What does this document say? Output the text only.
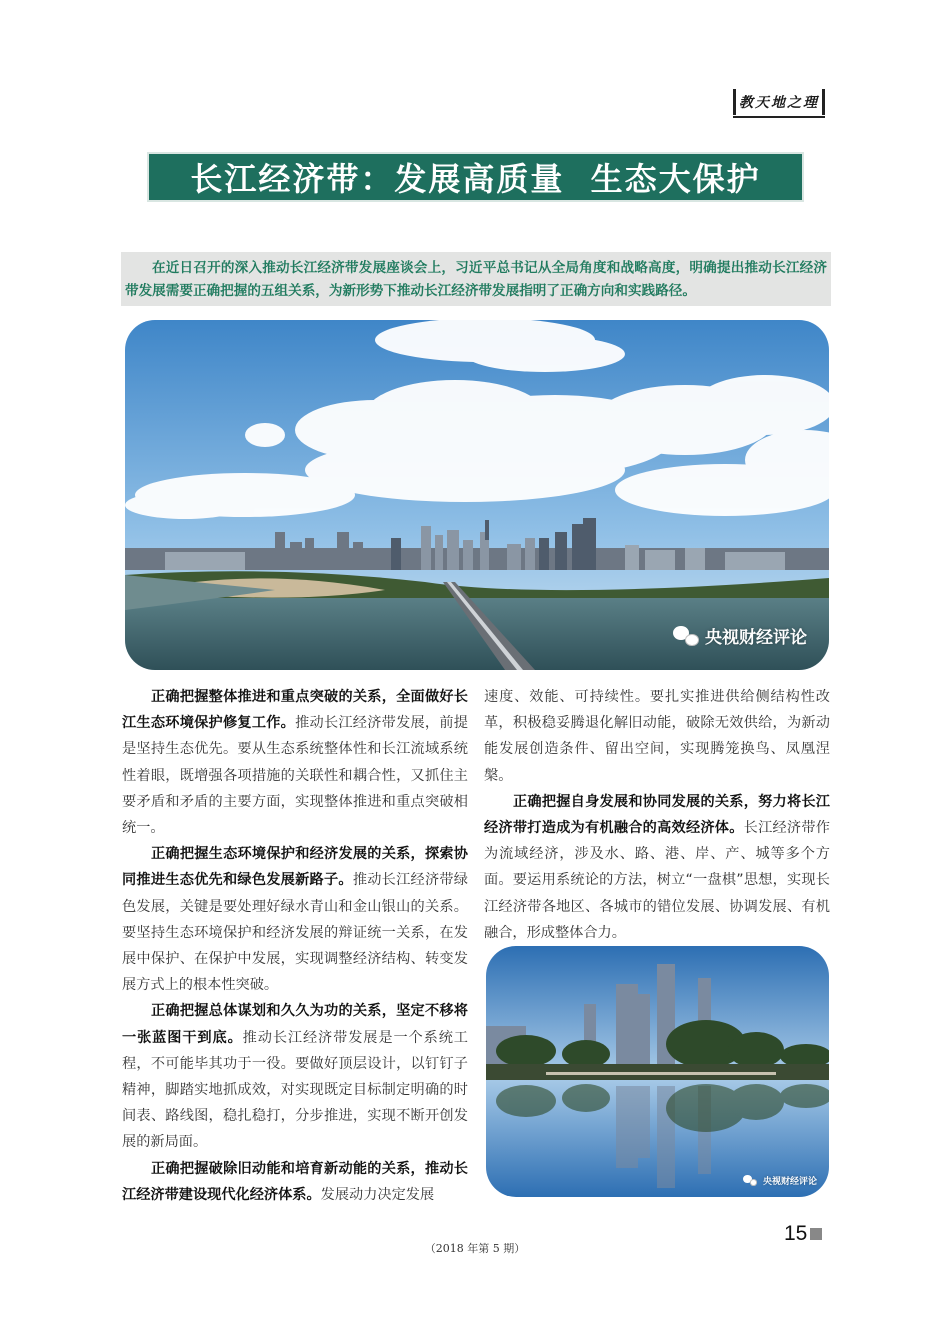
教天地之理
长江经济带：发展高质量  生态大保护

在近日召开的深入推动长江经济带发展座谈会上，习近平总书记从全局角度和战略高度，明确提出推动长江经济带发展需要正确把握的五组关系，为新形势下推动长江经济带发展指明了正确方向和实践路径。

央视财经评论

正确把握整体推进和重点突破的关系，全面做好长江生态环境保护修复工作。推动长江经济带发展，前提是坚持生态优先。要从生态系统整体性和长江流域系统性着眼，既增强各项措施的关联性和耦合性，又抓住主要矛盾和矛盾的主要方面，实现整体推进和重点突破相统一。

正确把握生态环境保护和经济发展的关系，探索协同推进生态优先和绿色发展新路子。推动长江经济带绿色发展，关键是要处理好绿水青山和金山银山的关系。要坚持生态环境保护和经济发展的辩证统一关系，在发展中保护、在保护中发展，实现调整经济结构、转变发展方式上的根本性突破。

正确把握总体谋划和久久为功的关系，坚定不移将一张蓝图干到底。推动长江经济带发展是一个系统工程，不可能毕其功于一役。要做好顶层设计，以钉钉子精神，脚踏实地抓成效，对实现既定目标制定明确的时间表、路线图，稳扎稳打，分步推进，实现不断开创发展的新局面。

正确把握破除旧动能和培育新动能的关系，推动长江经济带建设现代化经济体系。发展动力决定发展

速度、效能、可持续性。要扎实推进供给侧结构性改革，积极稳妥腾退化解旧动能，破除无效供给，为新动能发展创造条件、留出空间，实现腾笼换鸟、凤凰涅槃。

正确把握自身发展和协同发展的关系，努力将长江经济带打造成为有机融合的高效经济体。长江经济带作为流域经济，涉及水、路、港、岸、产、城等多个方面。要运用系统论的方法，树立“一盘棋”思想，实现长江经济带各地区、各城市的错位发展、协调发展、有机融合，形成整体合力。

央视财经评论
（2018 年第 5 期）
15
